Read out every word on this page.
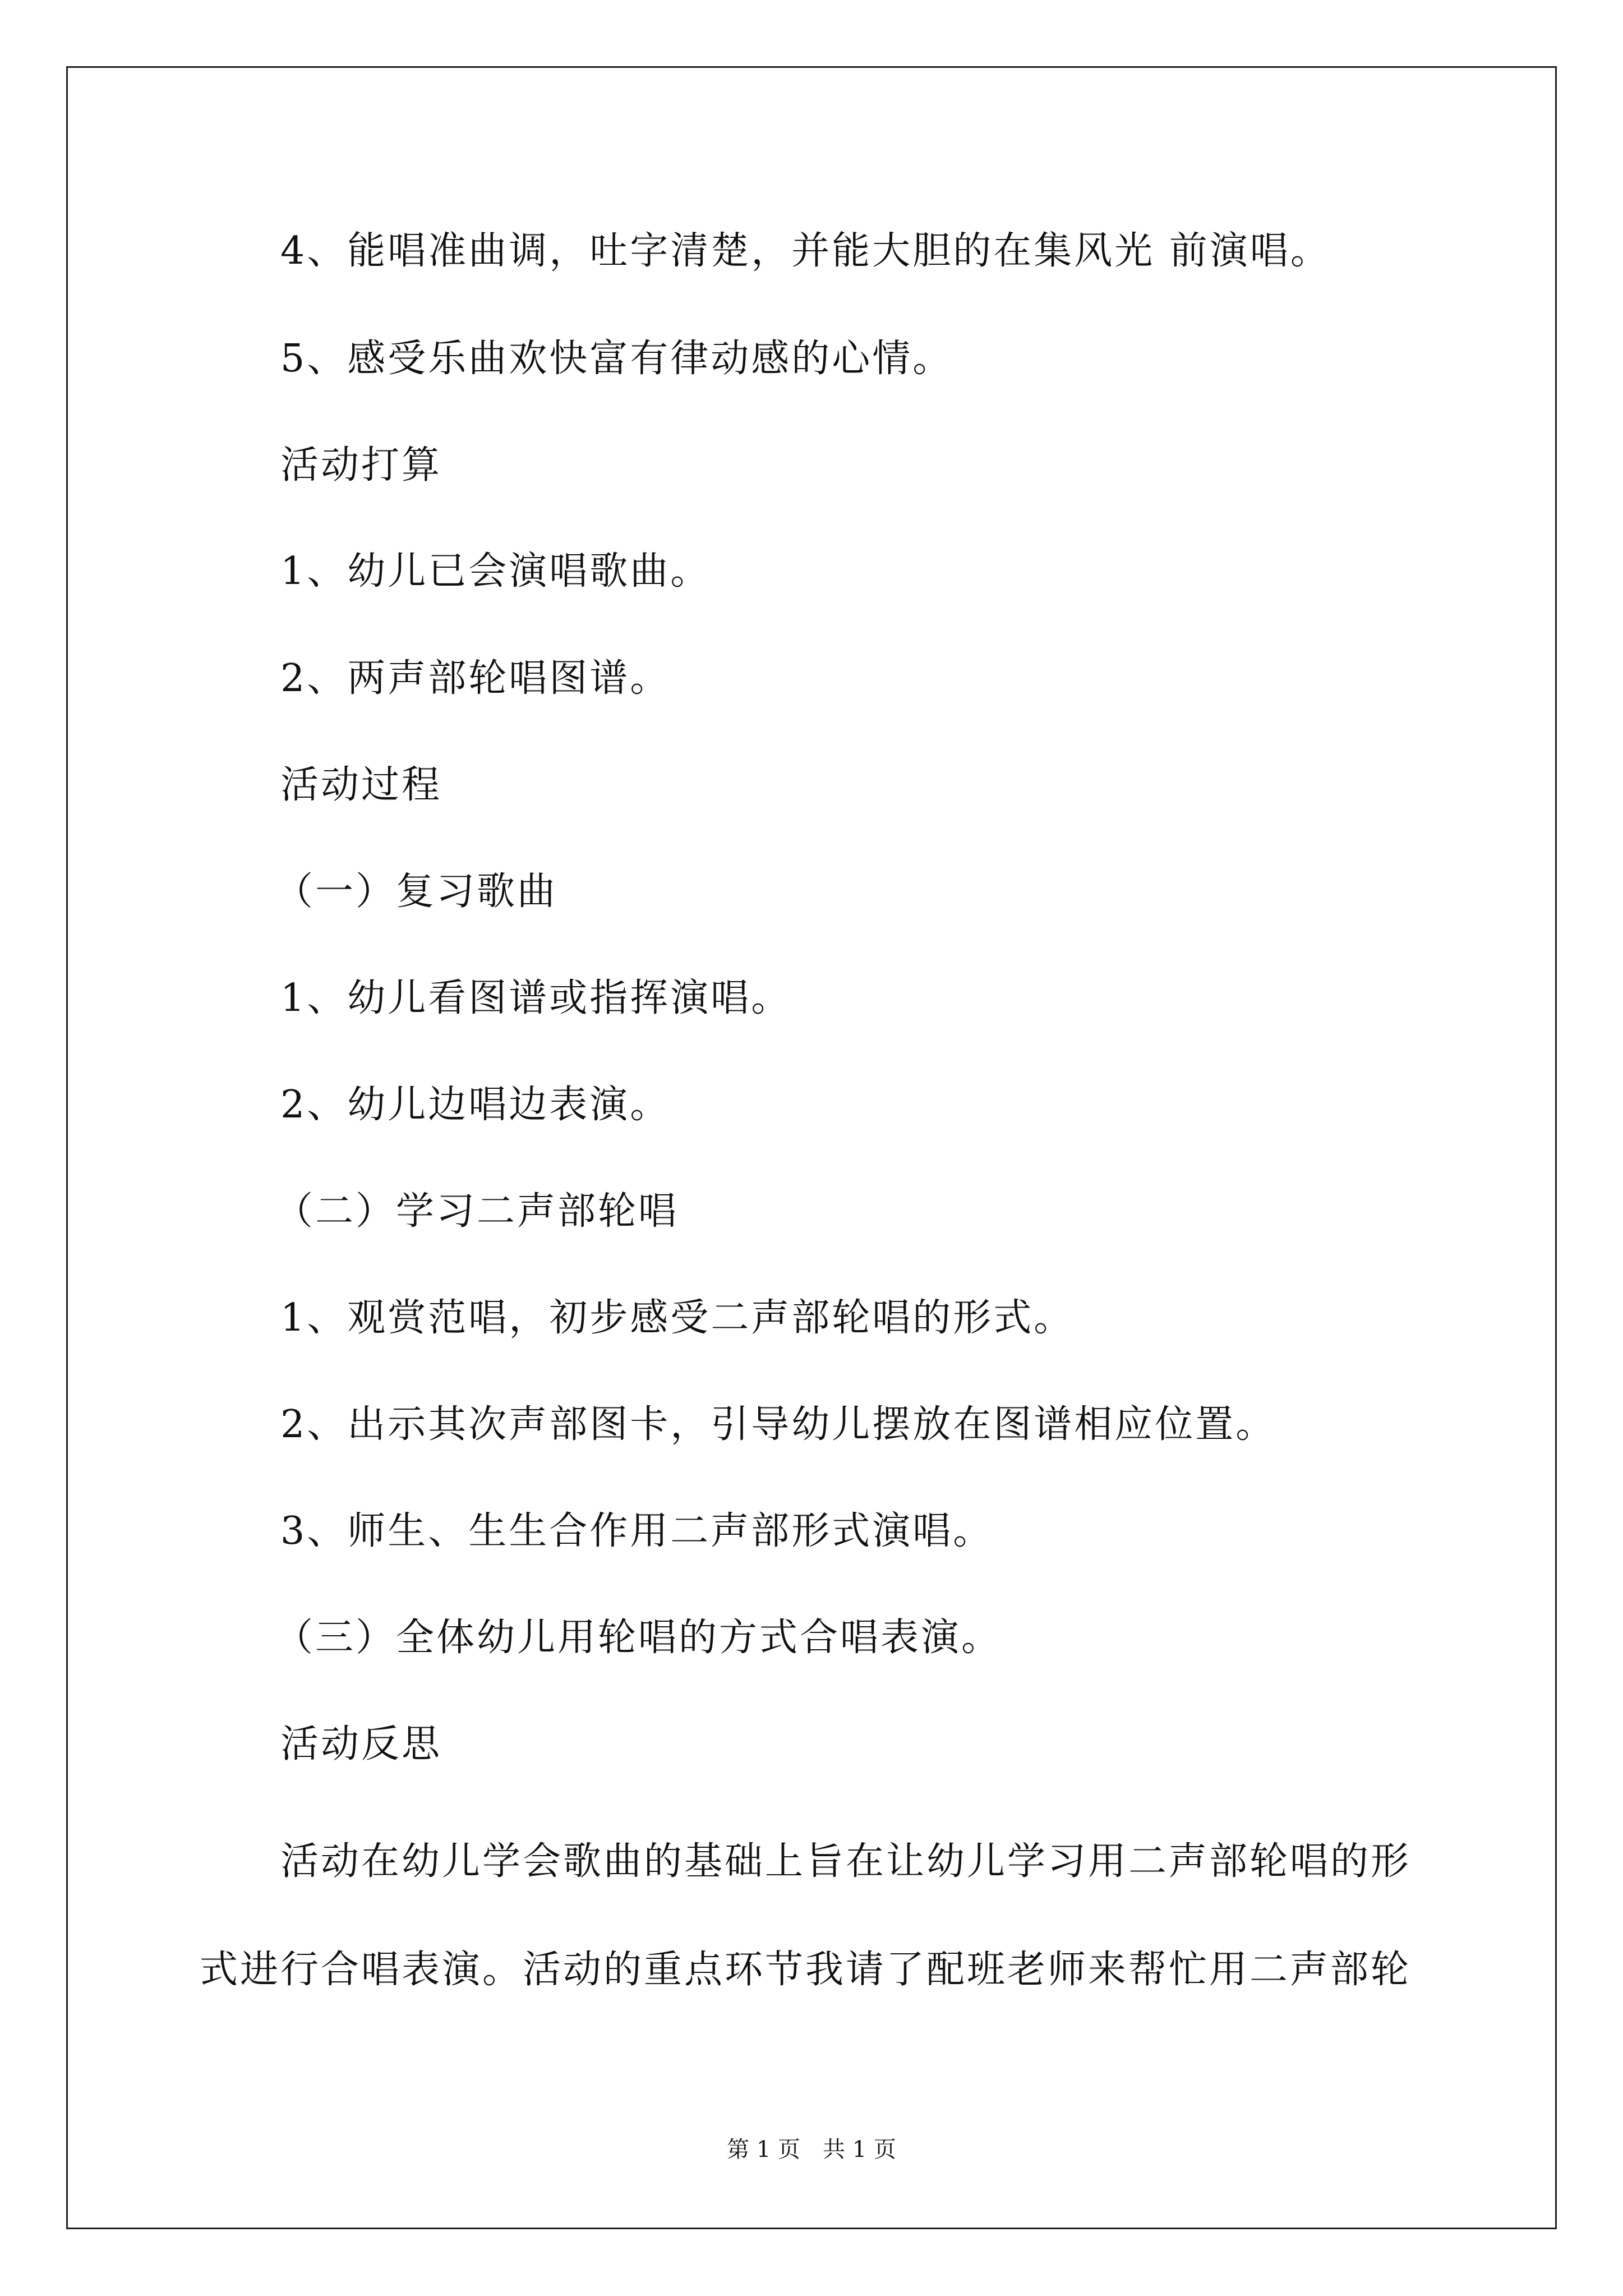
4、能唱准曲调，吐字清楚，并能大胆的在集风光 前演唱。
5、感受乐曲欢快富有律动感的心情。
活动打算
1、幼儿已会演唱歌曲。
2、两声部轮唱图谱。
活动过程
（一）复习歌曲
1、幼儿看图谱或指挥演唱。
2、幼儿边唱边表演。
（二）学习二声部轮唱
1、观赏范唱，初步感受二声部轮唱的形式。
2、出示其次声部图卡，引导幼儿摆放在图谱相应位置。
3、师生、生生合作用二声部形式演唱。
（三）全体幼儿用轮唱的方式合唱表演。
活动反思
活动在幼儿学会歌曲的基础上旨在让幼儿学习用二声部轮唱的形
式进行合唱表演。活动的重点环节我请了配班老师来帮忙用二声部轮
第 1 页　共 1 页
